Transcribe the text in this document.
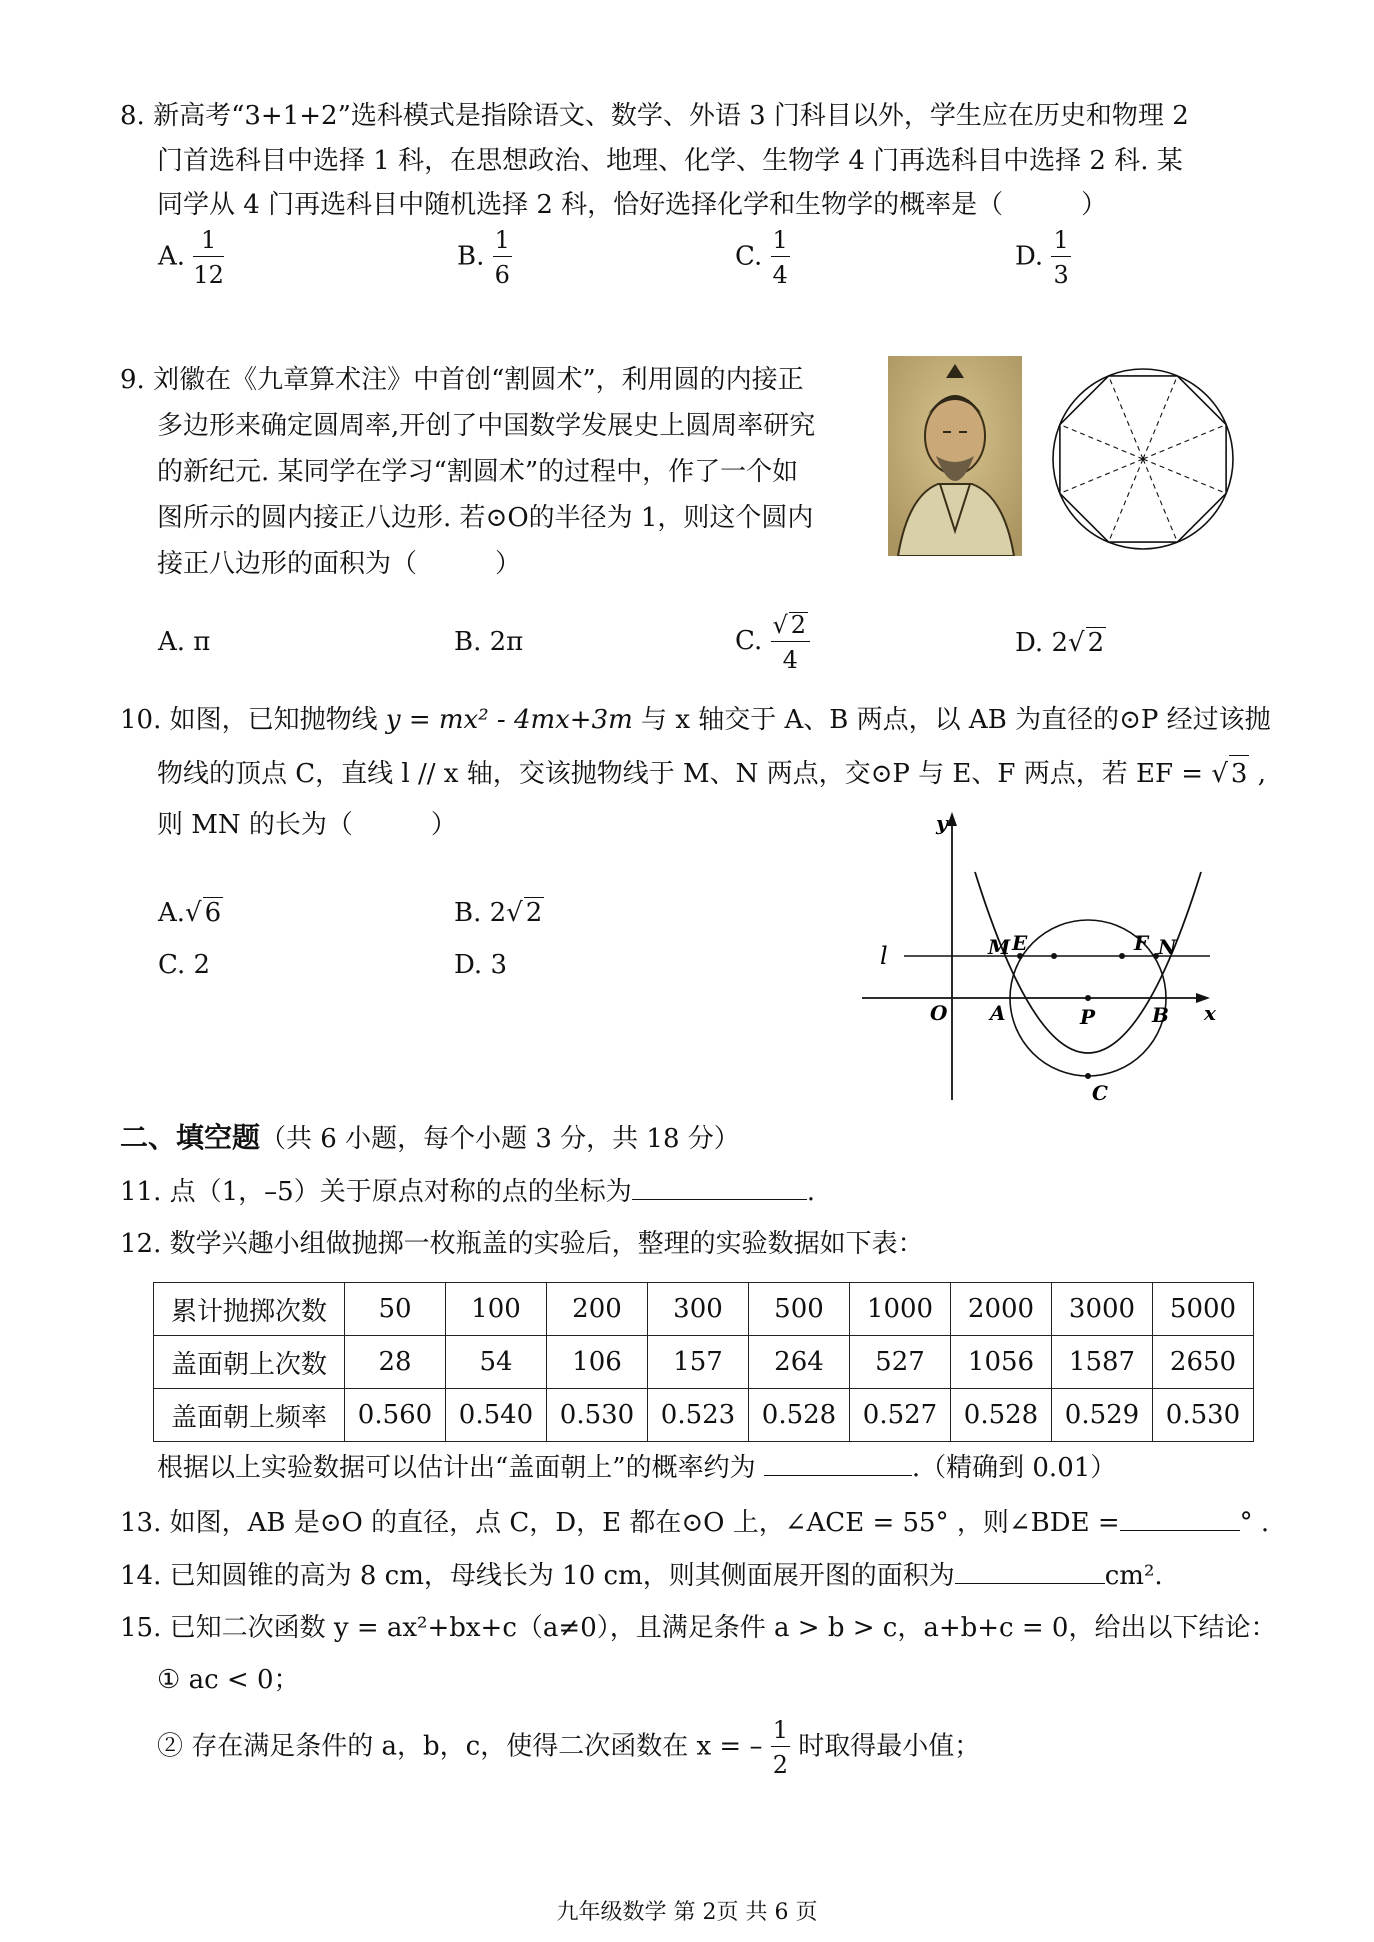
8. 新高考“3+1+2”选科模式是指除语文、数学、外语 3 门科目以外，学生应在历史和物理 2
门首选科目中选择 1 科，在思想政治、地理、化学、生物学 4 门再选科目中选择 2 科. 某
同学从 4 门再选科目中随机选择 2 科，恰好选择化学和生物学的概率是（　　　）
A. $\frac{1}{12}$	B. $\frac{1}{6}$	C. $\frac{1}{4}$	D. $\frac{1}{3}$
9. 刘徽在《九章算术注》中首创“割圆术”，利用圆的内接正
多边形来确定圆周率,开创了中国数学发展史上圆周率研究
的新纪元. 某同学在学习“割圆术”的过程中，作了一个如
图所示的圆内接正八边形. 若⊙O的半径为 1，则这个圆内
接正八边形的面积为（　　　）
A. π	B. 2π	C. $\frac{√ 2}{4}$	D. 2√ 2
10. 如图，已知抛物线 y = mx² - 4mx+3m 与 x 轴交于 A、B 两点，以 AB 为直径的⊙P 经过该抛
物线的顶点 C，直线 l // x 轴，交该抛物线于 M、N 两点，交⊙P 与 E、F 两点，若 EF = √ 3 ,
则 MN 的长为（　　　）
A.√ 6	B. 2√ 2
C. 2	D. 3
y
x
l	M E	F N
O A	P	B
C
二、填空题（共 6 小题，每个小题 3 分，共 18 分）
11. 点（1，–5）关于原点对称的点的坐标为	.
12. 数学兴趣小组做抛掷一枚瓶盖的实验后，整理的实验数据如下表：
累计抛掷次数	50	100	200	300	500	1000	2000	3000	5000
盖面朝上次数	28	54	106	157	264	527	1056	1587	2650
盖面朝上频率	0.560	0.540	0.530	0.523	0.528	0.527	0.528	0.529	0.530
根据以上实验数据可以估计出“盖面朝上”的概率约为	.（精确到 0.01）
13. 如图，AB 是⊙O 的直径，点 C，D，E 都在⊙O 上，∠ACE = 55° ，则∠BDE =	° .
14. 已知圆锥的高为 8 cm，母线长为 10 cm，则其侧面展开图的面积为	cm².
15. 已知二次函数 y = ax²+bx+c（a≠0），且满足条件 a > b > c，a+b+c = 0，给出以下结论：
① ac < 0；
② 存在满足条件的 a，b，c，使得二次函数在 x = – $\frac{1}{2}$ 时取得最小值；
九年级数学 第 2页 共 6 页
